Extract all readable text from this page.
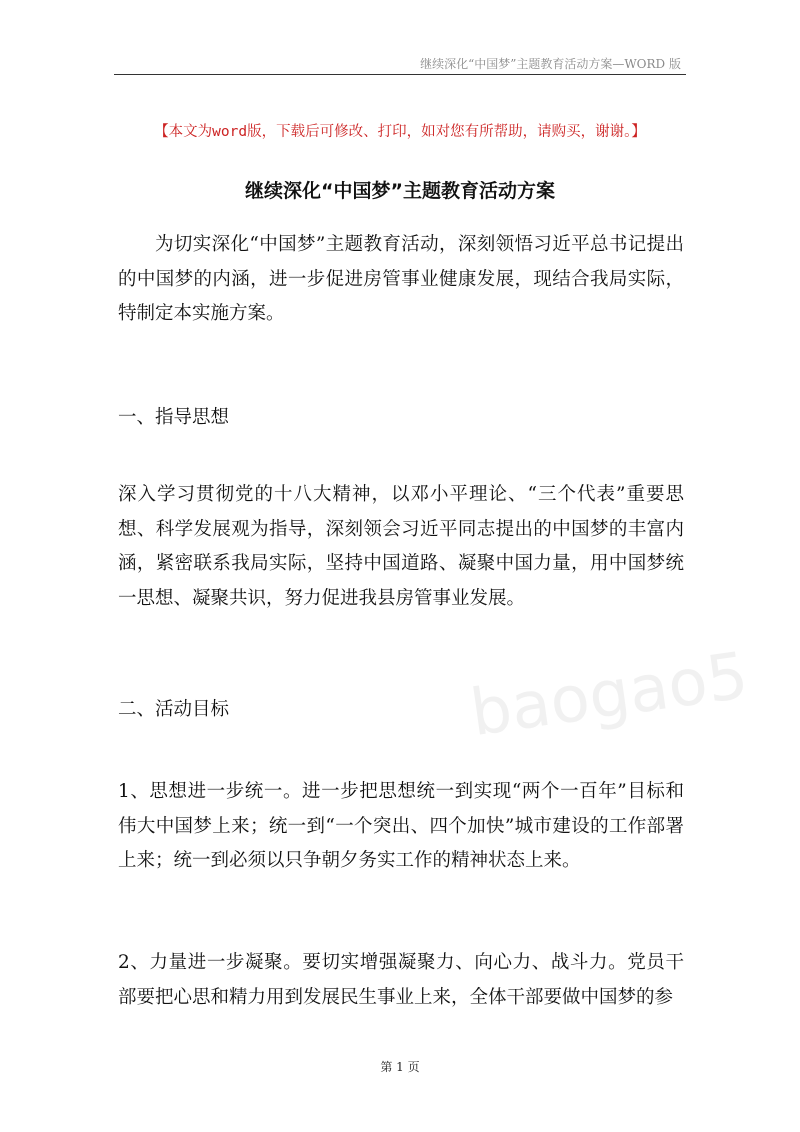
继续深化“中国梦”主题教育活动方案—WORD 版
【本文为word版，下载后可修改、打印，如对您有所帮助，请购买，谢谢。】
继续深化“中国梦”主题教育活动方案
为切实深化“中国梦”主题教育活动，深刻领悟习近平总书记提出的中国梦的内涵，进一步促进房管事业健康发展，现结合我局实际，特制定本实施方案。
一、指导思想
深入学习贯彻党的十八大精神，以邓小平理论、“三个代表”重要思想、科学发展观为指导，深刻领会习近平同志提出的中国梦的丰富内涵，紧密联系我局实际，坚持中国道路、凝聚中国力量，用中国梦统一思想、凝聚共识，努力促进我县房管事业发展。
二、活动目标	baogao5
1、思想进一步统一。进一步把思想统一到实现“两个一百年”目标和伟大中国梦上来；统一到“一个突出、四个加快”城市建设的工作部署上来；统一到必须以只争朝夕务实工作的精神状态上来。
2、力量进一步凝聚。要切实增强凝聚力、向心力、战斗力。党员干部要把心思和精力用到发展民生事业上来，全体干部要做中国梦的参
第 1 页
